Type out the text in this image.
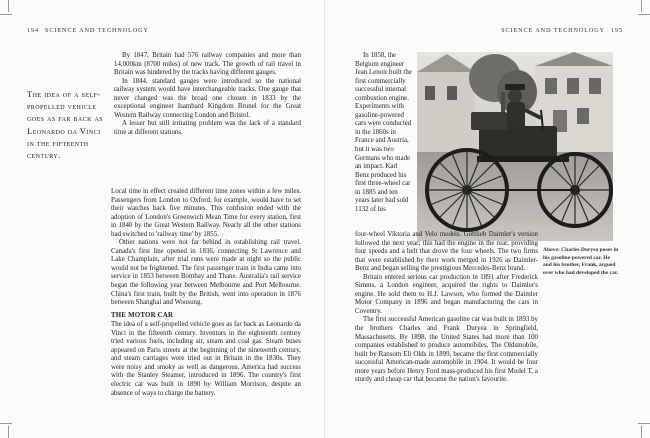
194 SCIENCE AND TECHNOLOGY
The idea of a self-propelled vehicle goes as far back as Leonardo da Vinci in the fifteenth century.

By 1847, Britain had 576 railway companies and more than 14,000km (8700 miles) of new track. The growth of rail travel in Britain was hindered by the tracks having different gauges.

In 1844, standard gauges were introduced so the national railway system would have interchangeable tracks. One gauge that never changed was the broad one chosen in 1833 by the exceptional engineer Isambard Kingdom Brunel for the Great Western Railway connecting London and Bristol.

A lesser but still irritating problem was the lack of a standard time at different stations.

Local time in effect created different time zones within a few miles. Passengers from London to Oxford, for example, would have to set their watches back five minutes. This confusion ended with the adoption of London's Greenwich Mean Time for every station, first in 1840 by the Great Western Railway. Nearly all the other stations had switched to 'railway time' by 1855.

Other nations were not far behind in establishing rail travel. Canada's first line opened in 1836, connecting St Lawrence and Lake Champlain, after trial runs were made at night so the public would not be frightened. The first passenger train in India came into service in 1853 between Bombay and Thane. Australia's rail service began the following year between Melbourne and Port Melbourne. China's first train, built by the British, went into operation in 1876 between Shanghai and Woosung.

THE MOTOR CAR

The idea of a self-propelled vehicle goes as far back as Leonardo da Vinci in the fifteenth century. Inventors in the eighteenth century tried various fuels, including air, steam and coal gas. Steam buses appeared on Paris streets at the beginning of the nineteenth century, and steam carriages were tried out in Britain in the 1830s. They were noisy and smoky as well as dangerous. America had success with the Stanley Steamer, introduced in 1896. The country's first electric car was built in 1890 by William Morrison, despite an absence of ways to charge the battery.

SCIENCE AND TECHNOLOGY 195

In 1858, the Belgium engineer Jean Lenoir built the first commercially successful internal combustion engine. Experiments with gasoline-powered cars were conducted in the 1860s in France and Austria, but it was two Germans who made an impact. Karl Benz produced his first three-wheel car in 1885 and ten years later had sold 1132 of his

Above: Charles Duryea poses in his gasoline-powered car. He and his brother, Frank, argued over who had developed the car.

four-wheel Viktoria and Velo models. Gottlieb Daimler's version followed the next year; this had the engine in the rear, providing four speeds and a belt that drove the four wheels. The two firms that were established by their work merged in 1926 as Daimler-Benz and began selling the prestigious Mercedes-Benz brand.

Britain entered serious car production in 1891 after Frederick Simms, a London engineer, acquired the rights to Daimler's engine. He sold them to H.J. Lawson, who formed the Daimler Motor Company in 1896 and began manufacturing the cars in Coventry.

The first successful American gasoline car was built in 1893 by the brothers Charles and Frank Duryea in Springfield, Massachusetts. By 1898, the United States had more than 100 companies established to produce automobiles. The Oldsmobile, built by Ransom Eli Olds in 1899, became the first commercially successful American-made automobile in 1904. It would be four more years before Henry Ford mass-produced his first Model T, a sturdy and cheap car that became the nation's favourite.
